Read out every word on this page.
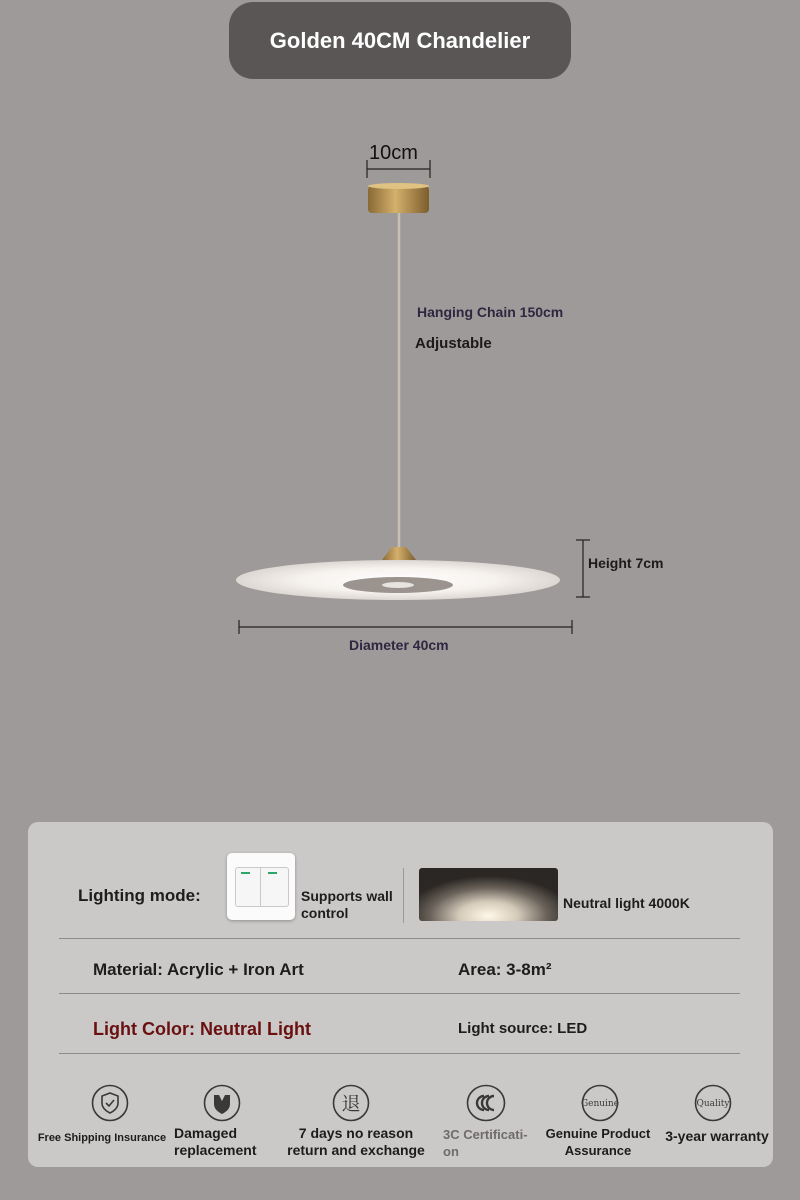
Golden 40CM Chandelier
10cm
Hanging Chain 150cm
Adjustable
Height 7cm
Diameter 40cm
Lighting mode:	Supports wall control
Neutral light 4000K
Material: Acrylic + Iron Art	Area: 3-8m²
Light Color: Neutral Light	Light source: LED
退	Genuine	Quality
Free Shipping Insurance Damaged replacement
7 days no reason return and exchange
3C Certificati-on
Genuine Product Assurance
3-year warranty
